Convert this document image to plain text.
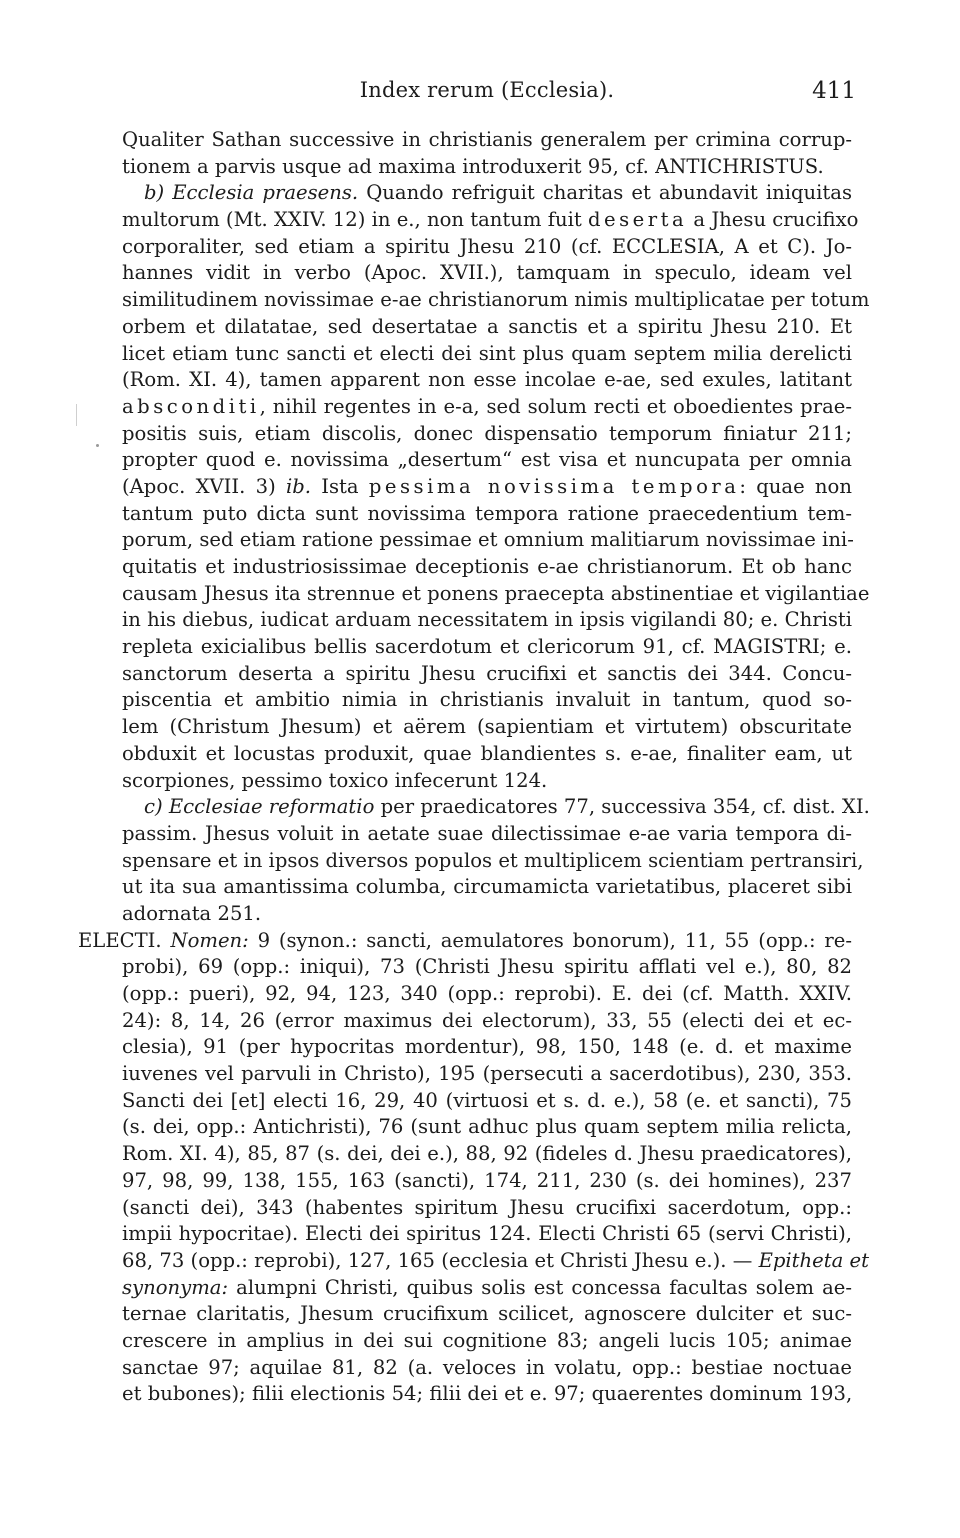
Index rerum (Ecclesia).	411
Qualiter Sathan successive in christianis generalem per crimina corrup-
tionem a parvis usque ad maxima introduxerit 95, cf. ANTICHRISTUS.
b) Ecclesia praesens. Quando refriguit charitas et abundavit iniquitas
multorum (Mt. XXIV. 12) in e., non tantum fuit deserta a Jhesu crucifixo
corporaliter, sed etiam a spiritu Jhesu 210 (cf. ECCLESIA, A et C). Jo-
hannes vidit in verbo (Apoc. XVII.), tamquam in speculo, ideam vel
similitudinem novissimae e-ae christianorum nimis multiplicatae per totum
orbem et dilatatae, sed desertatae a sanctis et a spiritu Jhesu 210. Et
licet etiam tunc sancti et electi dei sint plus quam septem milia derelicti
(Rom. XI. 4), tamen apparent non esse incolae e-ae, sed exules, latitant
absconditi, nihil regentes in e-a, sed solum recti et oboedientes prae-
positis suis, etiam discolis, donec dispensatio temporum finiatur 211;
propter quod e. novissima „desertum“ est visa et nuncupata per omnia
(Apoc. XVII. 3) ib. Ista pessima novissima tempora: quae non
tantum puto dicta sunt novissima tempora ratione praecedentium tem-
porum, sed etiam ratione pessimae et omnium malitiarum novissimae ini-
quitatis et industriosissimae deceptionis e-ae christianorum. Et ob hanc
causam Jhesus ita strennue et ponens praecepta abstinentiae et vigilantiae
in his diebus, iudicat arduam necessitatem in ipsis vigilandi 80; e. Christi
repleta exicialibus bellis sacerdotum et clericorum 91, cf. MAGISTRI; e.
sanctorum deserta a spiritu Jhesu crucifixi et sanctis dei 344. Concu-
piscentia et ambitio nimia in christianis invaluit in tantum, quod so-
lem (Christum Jhesum) et aërem (sapientiam et virtutem) obscuritate
obduxit et locustas produxit, quae blandientes s. e-ae, finaliter eam, ut
scorpiones, pessimo toxico infecerunt 124.
c) Ecclesiae reformatio per praedicatores 77, successiva 354, cf. dist. XI.
passim. Jhesus voluit in aetate suae dilectissimae e-ae varia tempora di-
spensare et in ipsos diversos populos et multiplicem scientiam pertransiri,
ut ita sua amantissima columba, circumamicta varietatibus, placeret sibi
adornata 251.
ELECTI. Nomen: 9 (synon.: sancti, aemulatores bonorum), 11, 55 (opp.: re-
probi), 69 (opp.: iniqui), 73 (Christi Jhesu spiritu afflati vel e.), 80, 82
(opp.: pueri), 92, 94, 123, 340 (opp.: reprobi). E. dei (cf. Matth. XXIV.
24): 8, 14, 26 (error maximus dei electorum), 33, 55 (electi dei et ec-
clesia), 91 (per hypocritas mordentur), 98, 150, 148 (e. d. et maxime
iuvenes vel parvuli in Christo), 195 (persecuti a sacerdotibus), 230, 353.
Sancti dei [et] electi 16, 29, 40 (virtuosi et s. d. e.), 58 (e. et sancti), 75
(s. dei, opp.: Antichristi), 76 (sunt adhuc plus quam septem milia relicta,
Rom. XI. 4), 85, 87 (s. dei, dei e.), 88, 92 (fideles d. Jhesu praedicatores),
97, 98, 99, 138, 155, 163 (sancti), 174, 211, 230 (s. dei homines), 237
(sancti dei), 343 (habentes spiritum Jhesu crucifixi sacerdotum, opp.:
impii hypocritae). Electi dei spiritus 124. Electi Christi 65 (servi Christi),
68, 73 (opp.: reprobi), 127, 165 (ecclesia et Christi Jhesu e.). — Epitheta et
synonyma: alumpni Christi, quibus solis est concessa facultas solem ae-
ternae claritatis, Jhesum crucifixum scilicet, agnoscere dulciter et suc-
crescere in amplius in dei sui cognitione 83; angeli lucis 105; animae
sanctae 97; aquilae 81, 82 (a. veloces in volatu, opp.: bestiae noctuae
et bubones); filii electionis 54; filii dei et e. 97; quaerentes dominum 193,
